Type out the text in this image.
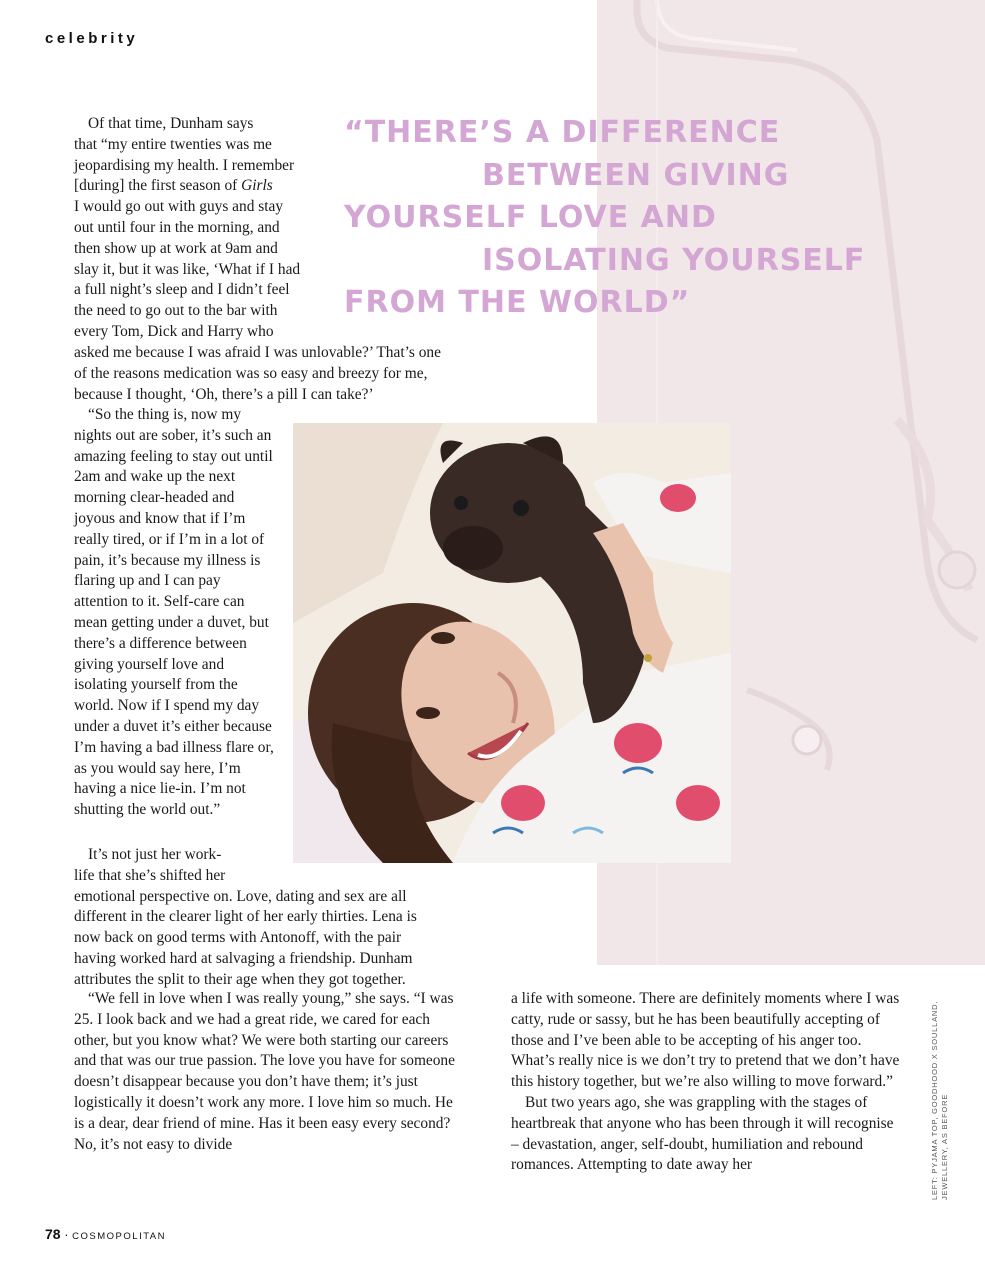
celebrity
“THERE’S A DIFFERENCE
BETWEEN GIVING
YOURSELF LOVE AND
ISOLATING YOURSELF
FROM THE WORLD”
Of that time, Dunham says
that “my entire twenties was me
jeopardising my health. I remember
[during] the first season of Girls
I would go out with guys and stay
out until four in the morning, and
then show up at work at 9am and
slay it, but it was like, ‘What if I had
a full night’s sleep and I didn’t feel
the need to go out to the bar with
every Tom, Dick and Harry who
asked me because I was afraid I was unlovable?’ That’s one of the reasons medication was so easy and breezy for me, because I thought, ‘Oh, there’s a pill I can take?’

“So the thing is, now my nights out are sober, it’s such an amazing feeling to stay out until 2am and wake up the next morning clear-headed and joyous and know that if I’m really tired, or if I’m in a lot of pain, it’s because my illness is flaring up and I can pay attention to it. Self-care can mean getting under a duvet, but there’s a difference between giving yourself love and isolating yourself from the world. Now if I spend my day under a duvet it’s either because I’m having a bad illness flare or, as you would say here, I’m having a nice lie-in. I’m not shutting the world out.”

It’s not just her work-
life that she’s shifted her
emotional perspective on. Love, dating and sex are all different in the clearer light of her early thirties. Lena is now back on good terms with Antonoff, with the pair having worked hard at salvaging a friendship. Dunham attributes the split to their age when they got together.

“We fell in love when I was really young,” she says. “I was 25. I look back and we had a great ride, we cared for each other, but you know what? We were both starting our careers and that was our true passion. The love you have for someone doesn’t disappear because you don’t have them; it’s just logistically it doesn’t work any more. I love him so much. He is a dear, dear friend of mine. Has it been easy every second? No, it’s not easy to divide

a life with someone. There are definitely moments where I was catty, rude or sassy, but he has been beautifully accepting of those and I’ve been able to be accepting of his anger too. What’s really nice is we don’t try to pretend that we don’t have this history together, but we’re also willing to move forward.”

But two years ago, she was grappling with the stages of heartbreak that anyone who has been through it will recognise – devastation, anger, self-doubt, humiliation and rebound romances. Attempting to date away her	LEFT: PYJAMA TOP, GOODHOOD X SOULLAND. JEWELLERY, AS BEFORE
78 · COSMOPOLITAN
